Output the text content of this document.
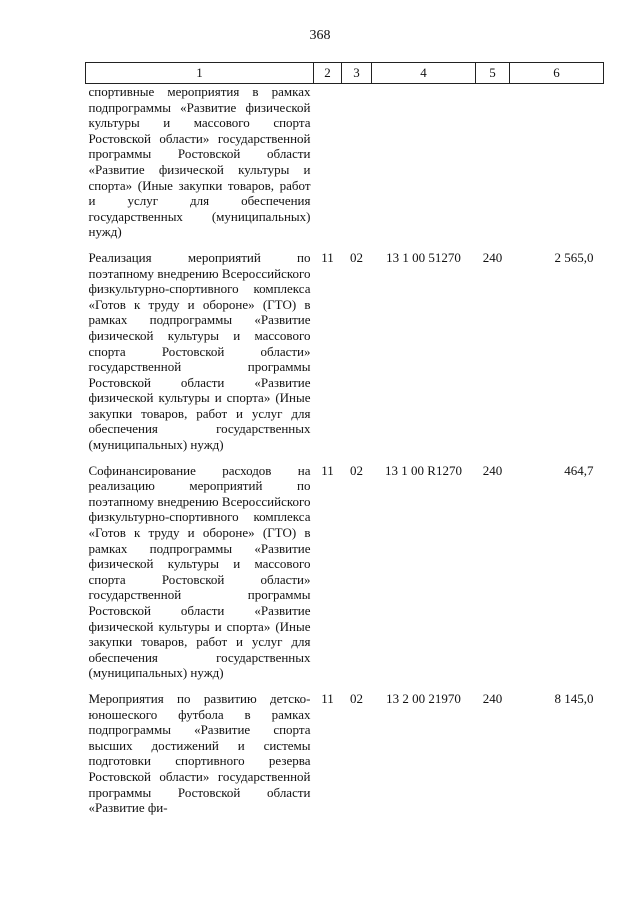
368
1	2	3	4	5	6
спортивные мероприятия в рамках подпрограммы «Развитие физической культуры и массового спорта Ростовской области» государственной программы Ростовской области «Развитие физической культуры и спорта» (Иные закупки товаров, работ и услуг для обеспечения государственных (муниципальных) нужд)					
Реализация мероприятий по поэтапному внедрению Всероссийского физкультурно-спортивного комплекса «Готов к труду и обороне» (ГТО) в рамках подпрограммы «Развитие физической культуры и массового спорта Ростовской области» государственной программы Ростовской области «Развитие физической культуры и спорта» (Иные закупки товаров, работ и услуг для обеспечения государственных (муниципальных) нужд)	11	02	13 1 00 51270	240	2 565,0
Софинансирование расходов на реализацию мероприятий по поэтапному внедрению Всероссийского физкультурно-спортивного комплекса «Готов к труду и обороне» (ГТО) в рамках подпрограммы «Развитие физической культуры и массового спорта Ростовской области» государственной программы Ростовской области «Развитие физической культуры и спорта» (Иные закупки товаров, работ и услуг для обеспечения государственных (муниципальных) нужд)	11	02	13 1 00 R1270	240	464,7
Мероприятия по развитию детско-юношеского футбола в рамках подпрограммы «Развитие спорта высших достижений и системы подготовки спортивного резерва Ростовской области» государственной программы Ростовской области «Развитие фи-	11	02	13 2 00 21970	240	8 145,0
